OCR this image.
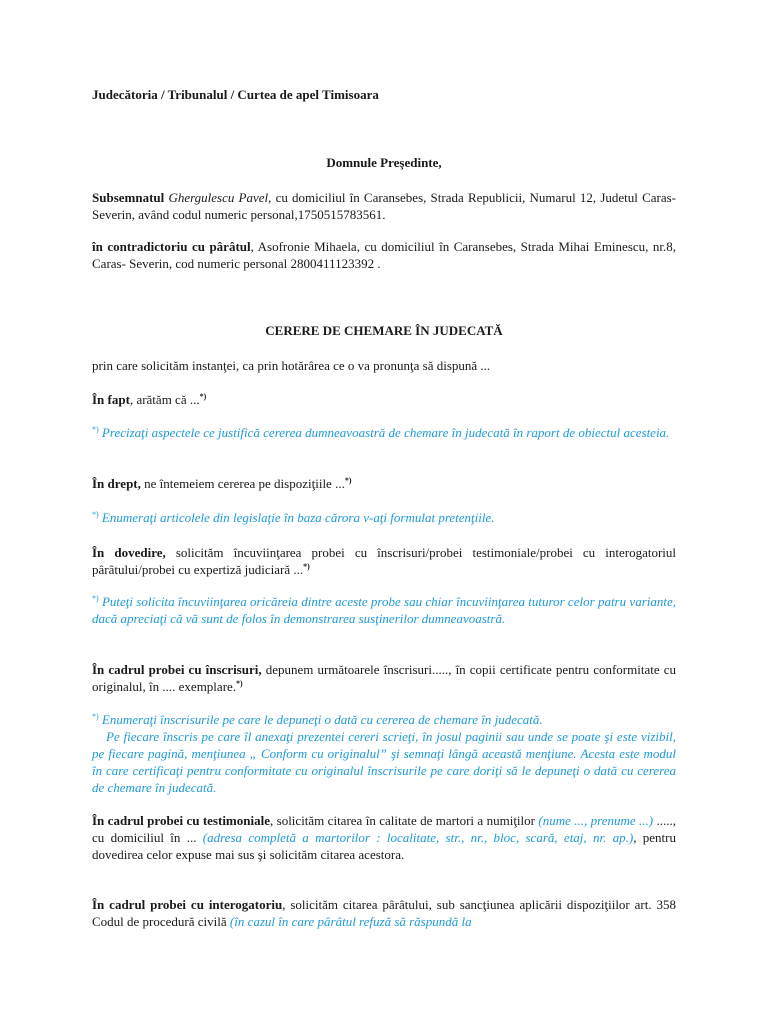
Judecătoria / Tribunalul / Curtea de apel Timisoara

Domnule Preşedinte,

Subsemnatul Ghergulescu Pavel, cu domiciliul în Caransebes, Strada Republicii, Numarul 12, Judetul Caras-Severin, având codul numeric personal,1750515783561.

în contradictoriu cu pârâtul, Asofronie Mihaela, cu domiciliul în Caransebes, Strada Mihai Eminescu, nr.8, Caras- Severin, cod numeric personal 2800411123392 .

CERERE DE CHEMARE ÎN JUDECATĂ

prin care solicităm instanţei, ca prin hotărârea ce o va pronunţa să dispună ...

În fapt, arătăm că ...*)

*) Precizaţi aspectele ce justifică cererea dumneavoastră de chemare în judecată în raport de obiectul acesteia.

În drept, ne întemeiem cererea pe dispoziţiile ...*)

*) Enumeraţi articolele din legislaţie în baza cărora v-aţi formulat pretenţiile.

În dovedire, solicităm încuviinţarea probei cu înscrisuri/probei testimoniale/probei cu interogatoriul pârâtului/probei cu expertiză judiciară ...*)

*) Puteţi solicita încuviinţarea oricăreia dintre aceste probe sau chiar încuviinţarea tuturor celor patru variante, dacă apreciaţi că vă sunt de folos în demonstrarea susţinerilor dumneavoastră.

În cadrul probei cu înscrisuri, depunem următoarele înscrisuri....., în copii certificate pentru conformitate cu originalul, în .... exemplare.*)

*) Enumeraţi înscrisurile pe care le depuneţi o dată cu cererea de chemare în judecată.
Pe fiecare înscris pe care îl anexaţi prezentei cereri scrieţi, în josul paginii sau unde se poate şi este vizibil, pe fiecare pagină, menţiunea „ Conform cu originalul” şi semnaţi lângă această menţiune. Acesta este modul în care certificaţi pentru conformitate cu originalul înscrisurile pe care doriţi să le depuneţi o dată cu cererea de chemare în judecată.

În cadrul probei cu testimoniale, solicităm citarea în calitate de martori a numiţilor (nume ..., prenume ...) ....., cu domiciliul în ... (adresa completă a martorilor : localitate, str., nr., bloc, scară, etaj, nr. ap.), pentru dovedirea celor expuse mai sus şi solicităm citarea acestora.

În cadrul probei cu interogatoriu, solicităm citarea pârâtului, sub sancţiunea aplicării dispoziţiilor art. 358 Codul de procedură civilă (în cazul în care pârâtul refuză să răspundă la
